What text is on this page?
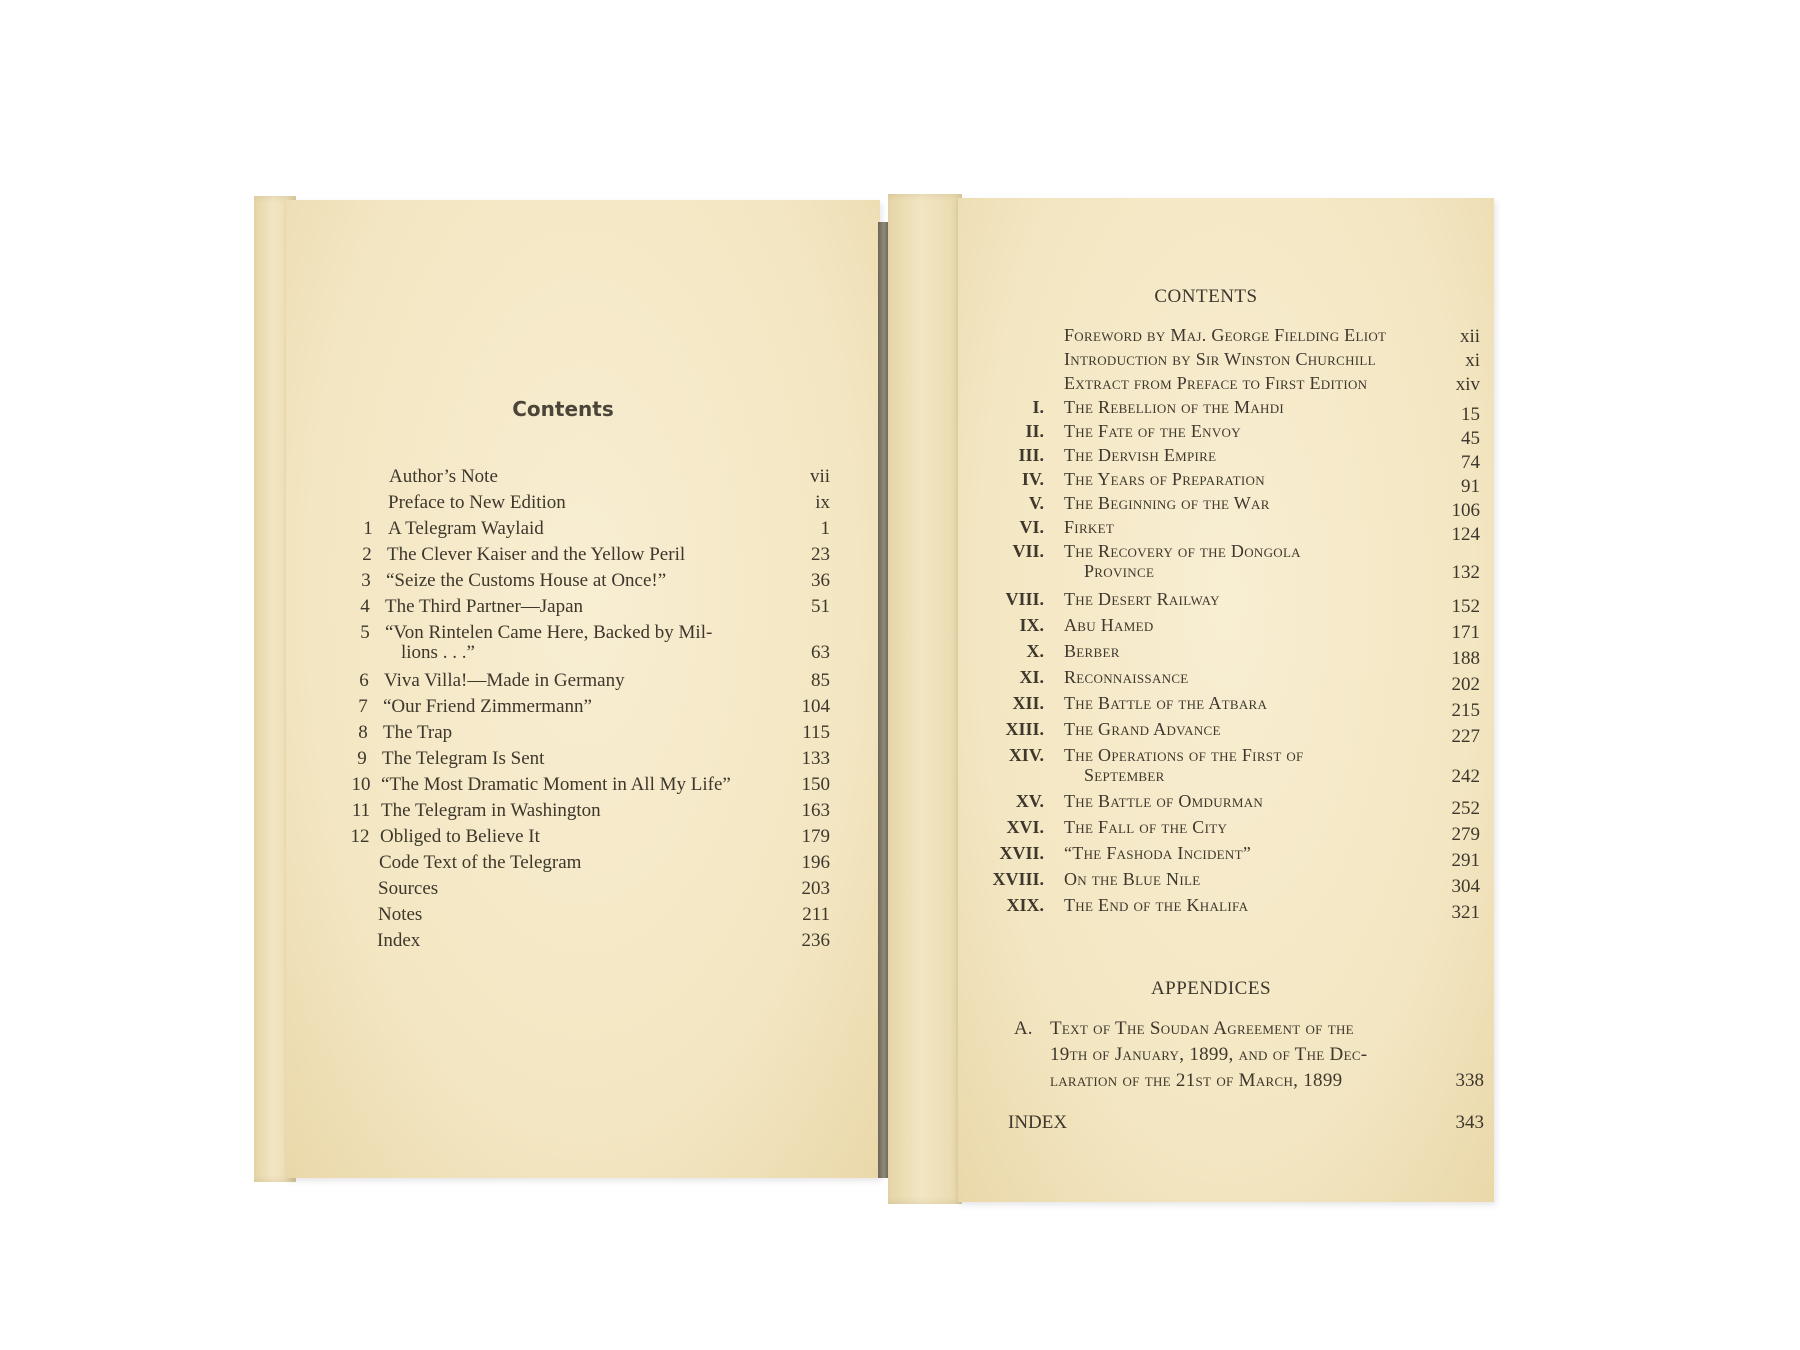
Contents
Author’s Note	vii
Preface to New Edition	ix
1 A Telegram Waylaid	1
2 The Clever Kaiser and the Yellow Peril	23
3 “Seize the Customs House at Once!”	36
4 The Third Partner—Japan	51
5 “Von Rintelen Came Here, Backed by Mil-
lions . . .”	63
6 Viva Villa!—Made in Germany	85
7 “Our Friend Zimmermann”	104
8 The Trap	115
9 The Telegram Is Sent	133
10 “The Most Dramatic Moment in All My Life”	150
11 The Telegram in Washington	163
12 Obliged to Believe It	179
Code Text of the Telegram	196
Sources	203
Notes	211
Index	236
CONTENTS
Foreword by Maj. George Fielding Eliot	xii
Introduction by Sir Winston Churchill	xi
Extract from Preface to First Edition	xiv
I. The Rebellion of the Mahdi	15
II. The Fate of the Envoy	45
III. The Dervish Empire	74
IV. The Years of Preparation	91
V. The Beginning of the War	106
VI. Firket	124
VII. The Recovery of the Dongola
Province	132
VIII. The Desert Railway	152
IX. Abu Hamed	171
X. Berber	188
XI. Reconnaissance	202
XII. The Battle of the Atbara	215
XIII. The Grand Advance	227
XIV. The Operations of the First of
September	242
XV. The Battle of Omdurman	252
XVI. The Fall of the City	279
XVII. “The Fashoda Incident”	291
XVIII. On the Blue Nile	304
XIX. The End of the Khalifa	321
APPENDICES
A. Text of The Soudan Agreement of the
19th of January, 1899, and of The Dec-
laration of the 21st of March, 1899	338
INDEX	343
